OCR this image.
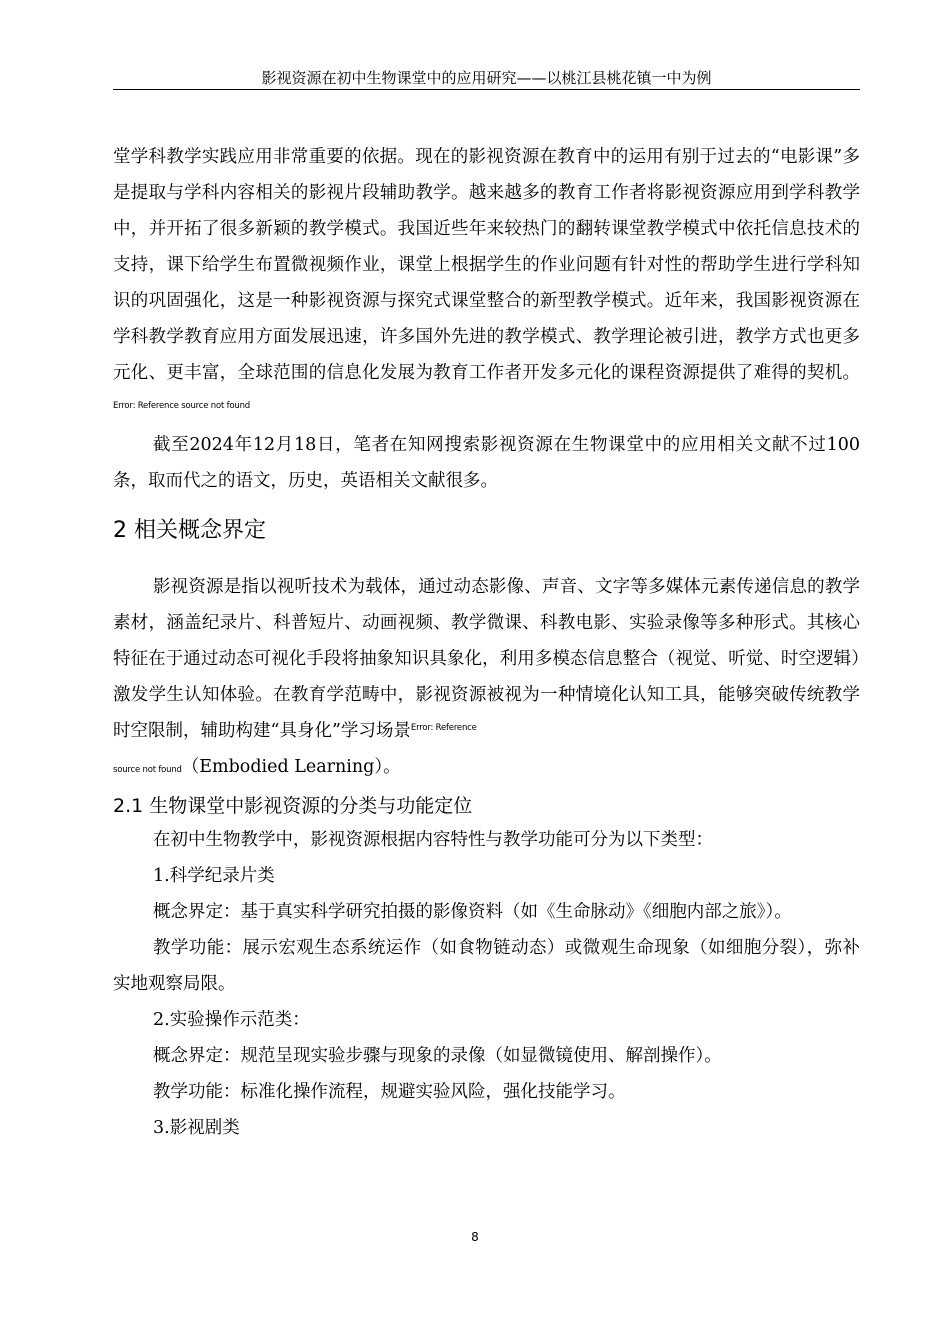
影视资源在初中生物课堂中的应用研究——以桃江县桃花镇一中为例

堂学科教学实践应用非常重要的依据。现在的影视资源在教育中的运用有别于过去的“电影课”多是提取与学科内容相关的影视片段辅助教学。越来越多的教育工作者将影视资源应用到学科教学中，并开拓了很多新颖的教学模式。我国近些年来较热门的翻转课堂教学模式中依托信息技术的支持，课下给学生布置微视频作业，课堂上根据学生的作业问题有针对性的帮助学生进行学科知识的巩固强化，这是一种影视资源与探究式课堂整合的新型教学模式。近年来，我国影视资源在学科教学教育应用方面发展迅速，许多国外先进的教学模式、教学理论被引进，教学方式也更多元化、更丰富，全球范围的信息化发展为教育工作者开发多元化的课程资源提供了难得的契机。$^{Error: Reference source not found}$

截至2024年12月18日，笔者在知网搜索影视资源在生物课堂中的应用相关文献不过100条，取而代之的语文，历史，英语相关文献很多。

2 相关概念界定

影视资源是指以视听技术为载体，通过动态影像、声音、文字等多媒体元素传递信息的教学素材，涵盖纪录片、科普短片、动画视频、教学微课、科教电影、实验录像等多种形式。其核心特征在于通过动态可视化手段将抽象知识具象化，利用多模态信息整合（视觉、听觉、时空逻辑）激发学生认知体验。在教育学范畴中，影视资源被视为一种情境化认知工具，能够突破传统教学时空限制，辅助构建“具身化”学习场景$^{Error: Reference}$
source not found（Embodied Learning）。

2.1 生物课堂中影视资源的分类与功能定位

在初中生物教学中，影视资源根据内容特性与教学功能可分为以下类型：

1.科学纪录片类

概念界定：基于真实科学研究拍摄的影像资料（如《生命脉动》《细胞内部之旅》）。

教学功能：展示宏观生态系统运作（如食物链动态）或微观生命现象（如细胞分裂），弥补实地观察局限。

2.实验操作示范类：

概念界定：规范呈现实验步骤与现象的录像（如显微镜使用、解剖操作）。

教学功能：标准化操作流程，规避实验风险，强化技能学习。

3.影视剧类

8
